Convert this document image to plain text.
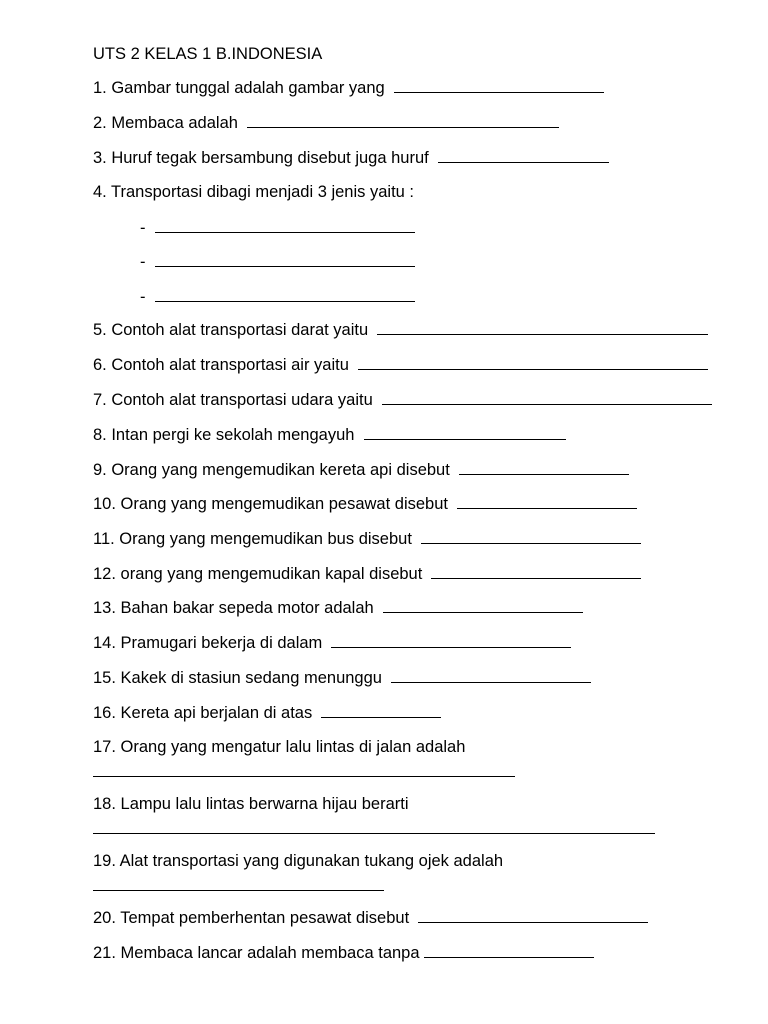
UTS 2 KELAS 1 B.INDONESIA
1. Gambar tunggal adalah gambar yang
2. Membaca adalah
3. Huruf tegak bersambung disebut juga huruf
4. Transportasi dibagi menjadi 3 jenis yaitu :
-
-
-
5. Contoh alat transportasi darat yaitu
6. Contoh alat transportasi air yaitu
7. Contoh alat transportasi udara yaitu
8. Intan pergi ke sekolah mengayuh
9. Orang yang mengemudikan kereta api disebut
10. Orang yang mengemudikan pesawat disebut
11. Orang yang mengemudikan bus disebut
12. orang yang mengemudikan kapal disebut
13. Bahan bakar sepeda motor adalah
14. Pramugari bekerja di dalam
15. Kakek di stasiun sedang menunggu
16. Kereta api berjalan di atas
17. Orang yang mengatur lalu lintas di jalan adalah
18. Lampu lalu lintas berwarna hijau berarti
19. Alat transportasi yang digunakan tukang ojek adalah
20. Tempat pemberhentan pesawat disebut
21. Membaca lancar adalah membaca tanpa
